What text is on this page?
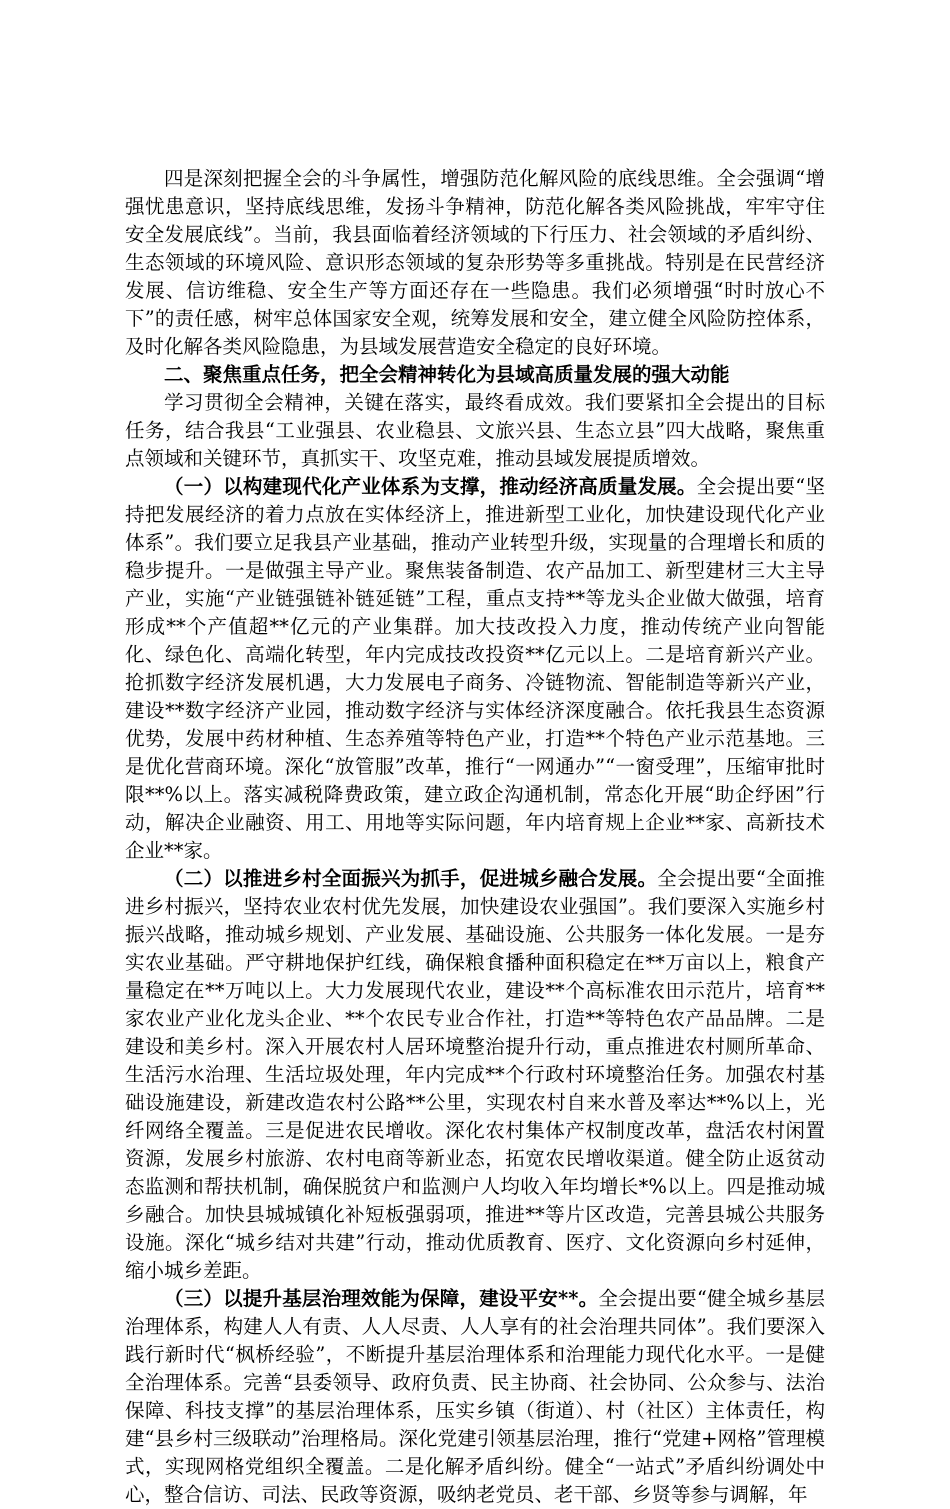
四是深刻把握全会的斗争属性，增强防范化解风险的底线思维。全会强调“增强忧患意识，坚持底线思维，发扬斗争精神，防范化解各类风险挑战，牢牢守住安全发展底线”。当前，我县面临着经济领域的下行压力、社会领域的矛盾纠纷、生态领域的环境风险、意识形态领域的复杂形势等多重挑战。特别是在民营经济发展、信访维稳、安全生产等方面还存在一些隐患。我们必须增强“时时放心不下”的责任感，树牢总体国家安全观，统筹发展和安全，建立健全风险防控体系，及时化解各类风险隐患，为县域发展营造安全稳定的良好环境。

二、聚焦重点任务，把全会精神转化为县域高质量发展的强大动能

学习贯彻全会精神，关键在落实，最终看成效。我们要紧扣全会提出的目标任务，结合我县“工业强县、农业稳县、文旅兴县、生态立县”四大战略，聚焦重点领域和关键环节，真抓实干、攻坚克难，推动县域发展提质增效。

（一）以构建现代化产业体系为支撑，推动经济高质量发展。全会提出要“坚持把发展经济的着力点放在实体经济上，推进新型工业化，加快建设现代化产业体系”。我们要立足我县产业基础，推动产业转型升级，实现量的合理增长和质的稳步提升。一是做强主导产业。聚焦装备制造、农产品加工、新型建材三大主导产业，实施“产业链强链补链延链”工程，重点支持**等龙头企业做大做强，培育形成**个产值超**亿元的产业集群。加大技改投入力度，推动传统产业向智能化、绿色化、高端化转型，年内完成技改投资**亿元以上。二是培育新兴产业。抢抓数字经济发展机遇，大力发展电子商务、冷链物流、智能制造等新兴产业，建设**数字经济产业园，推动数字经济与实体经济深度融合。依托我县生态资源优势，发展中药材种植、生态养殖等特色产业，打造**个特色产业示范基地。三是优化营商环境。深化“放管服”改革，推行“一网通办”“一窗受理”，压缩审批时限**%以上。落实减税降费政策，建立政企沟通机制，常态化开展“助企纾困”行动，解决企业融资、用工、用地等实际问题，年内培育规上企业**家、高新技术企业**家。

（二）以推进乡村全面振兴为抓手，促进城乡融合发展。全会提出要“全面推进乡村振兴，坚持农业农村优先发展，加快建设农业强国”。我们要深入实施乡村振兴战略，推动城乡规划、产业发展、基础设施、公共服务一体化发展。一是夯实农业基础。严守耕地保护红线，确保粮食播种面积稳定在**万亩以上，粮食产量稳定在**万吨以上。大力发展现代农业，建设**个高标准农田示范片，培育**家农业产业化龙头企业、**个农民专业合作社，打造**等特色农产品品牌。二是建设和美乡村。深入开展农村人居环境整治提升行动，重点推进农村厕所革命、生活污水治理、生活垃圾处理，年内完成**个行政村环境整治任务。加强农村基础设施建设，新建改造农村公路**公里，实现农村自来水普及率达**%以上，光纤网络全覆盖。三是促进农民增收。深化农村集体产权制度改革，盘活农村闲置资源，发展乡村旅游、农村电商等新业态，拓宽农民增收渠道。健全防止返贫动态监测和帮扶机制，确保脱贫户和监测户人均收入年均增长*%以上。四是推动城乡融合。加快县城城镇化补短板强弱项，推进**等片区改造，完善县城公共服务设施。深化“城乡结对共建”行动，推动优质教育、医疗、文化资源向乡村延伸，缩小城乡差距。

（三）以提升基层治理效能为保障，建设平安**。全会提出要“健全城乡基层治理体系，构建人人有责、人人尽责、人人享有的社会治理共同体”。我们要深入践行新时代“枫桥经验”，不断提升基层治理体系和治理能力现代化水平。一是健全治理体系。完善“县委领导、政府负责、民主协商、社会协同、公众参与、法治保障、科技支撑”的基层治理体系，压实乡镇（街道）、村（社区）主体责任，构建“县乡村三级联动”治理格局。深化党建引领基层治理，推行“党建+网格”管理模式，实现网格党组织全覆盖。二是化解矛盾纠纷。健全“一站式”矛盾纠纷调处中心，整合信访、司法、民政等资源，吸纳老党员、老干部、乡贤等参与调解，年
